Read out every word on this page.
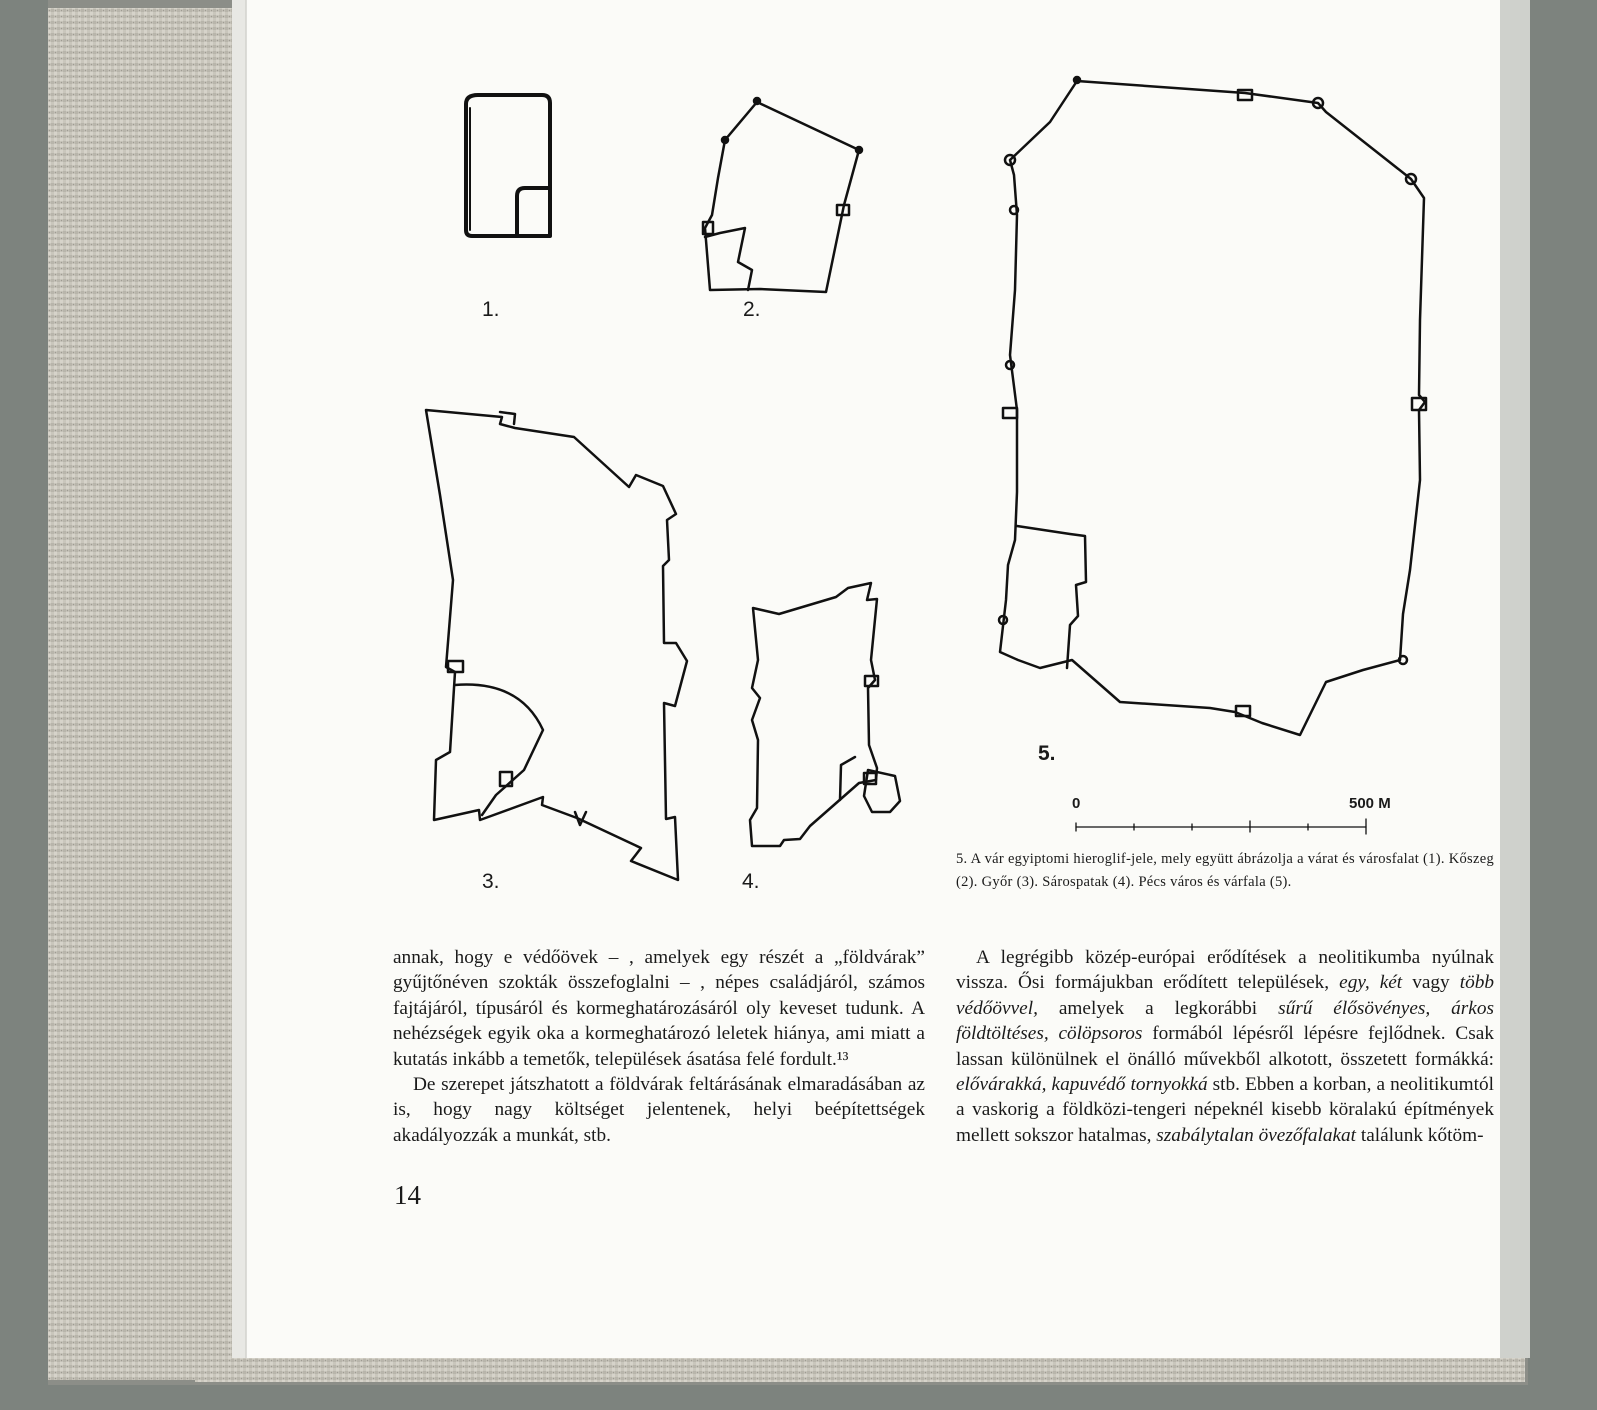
1.	2.
3.	4.
5.
0	500 M
5. A vár egyiptomi hieroglif-jele, mely együtt ábrázolja a várat és városfalat (1). Kőszeg (2). Győr (3). Sárospatak (4). Pécs város és várfala (5).

annak, hogy e védőövek – , amelyek egy részét a „földvárak” gyűjtőnéven szokták összefoglalni – , népes családjáról, számos fajtájáról, típusáról és kormeghatározásáról oly keveset tudunk. A nehézségek egyik oka a kormeghatározó leletek hiánya, ami miatt a kutatás inkább a temetők, települések ásatása felé fordult.¹³

De szerepet játszhatott a földvárak feltárásának elmaradásában az is, hogy nagy költséget jelentenek, helyi beépítettségek akadályozzák a munkát, stb.

A legrégibb közép-európai erődítések a neolitikumba nyúlnak vissza. Ősi formájukban erődített települések, egy, két vagy több védőövvel, amelyek a legkorábbi sűrű élősövényes, árkos földtöltéses, cölöpsoros formából lépésről lépésre fejlődnek. Csak lassan különülnek el önálló művekből alkotott, összetett formákká: elővárakká, kapuvédő tornyokká stb. Ebben a korban, a neolitikumtól a vaskorig a földközi-tengeri népeknél kisebb köralakú építmények mellett sokszor hatalmas, szabálytalan övezőfalakat találunk kőtöm-

14
